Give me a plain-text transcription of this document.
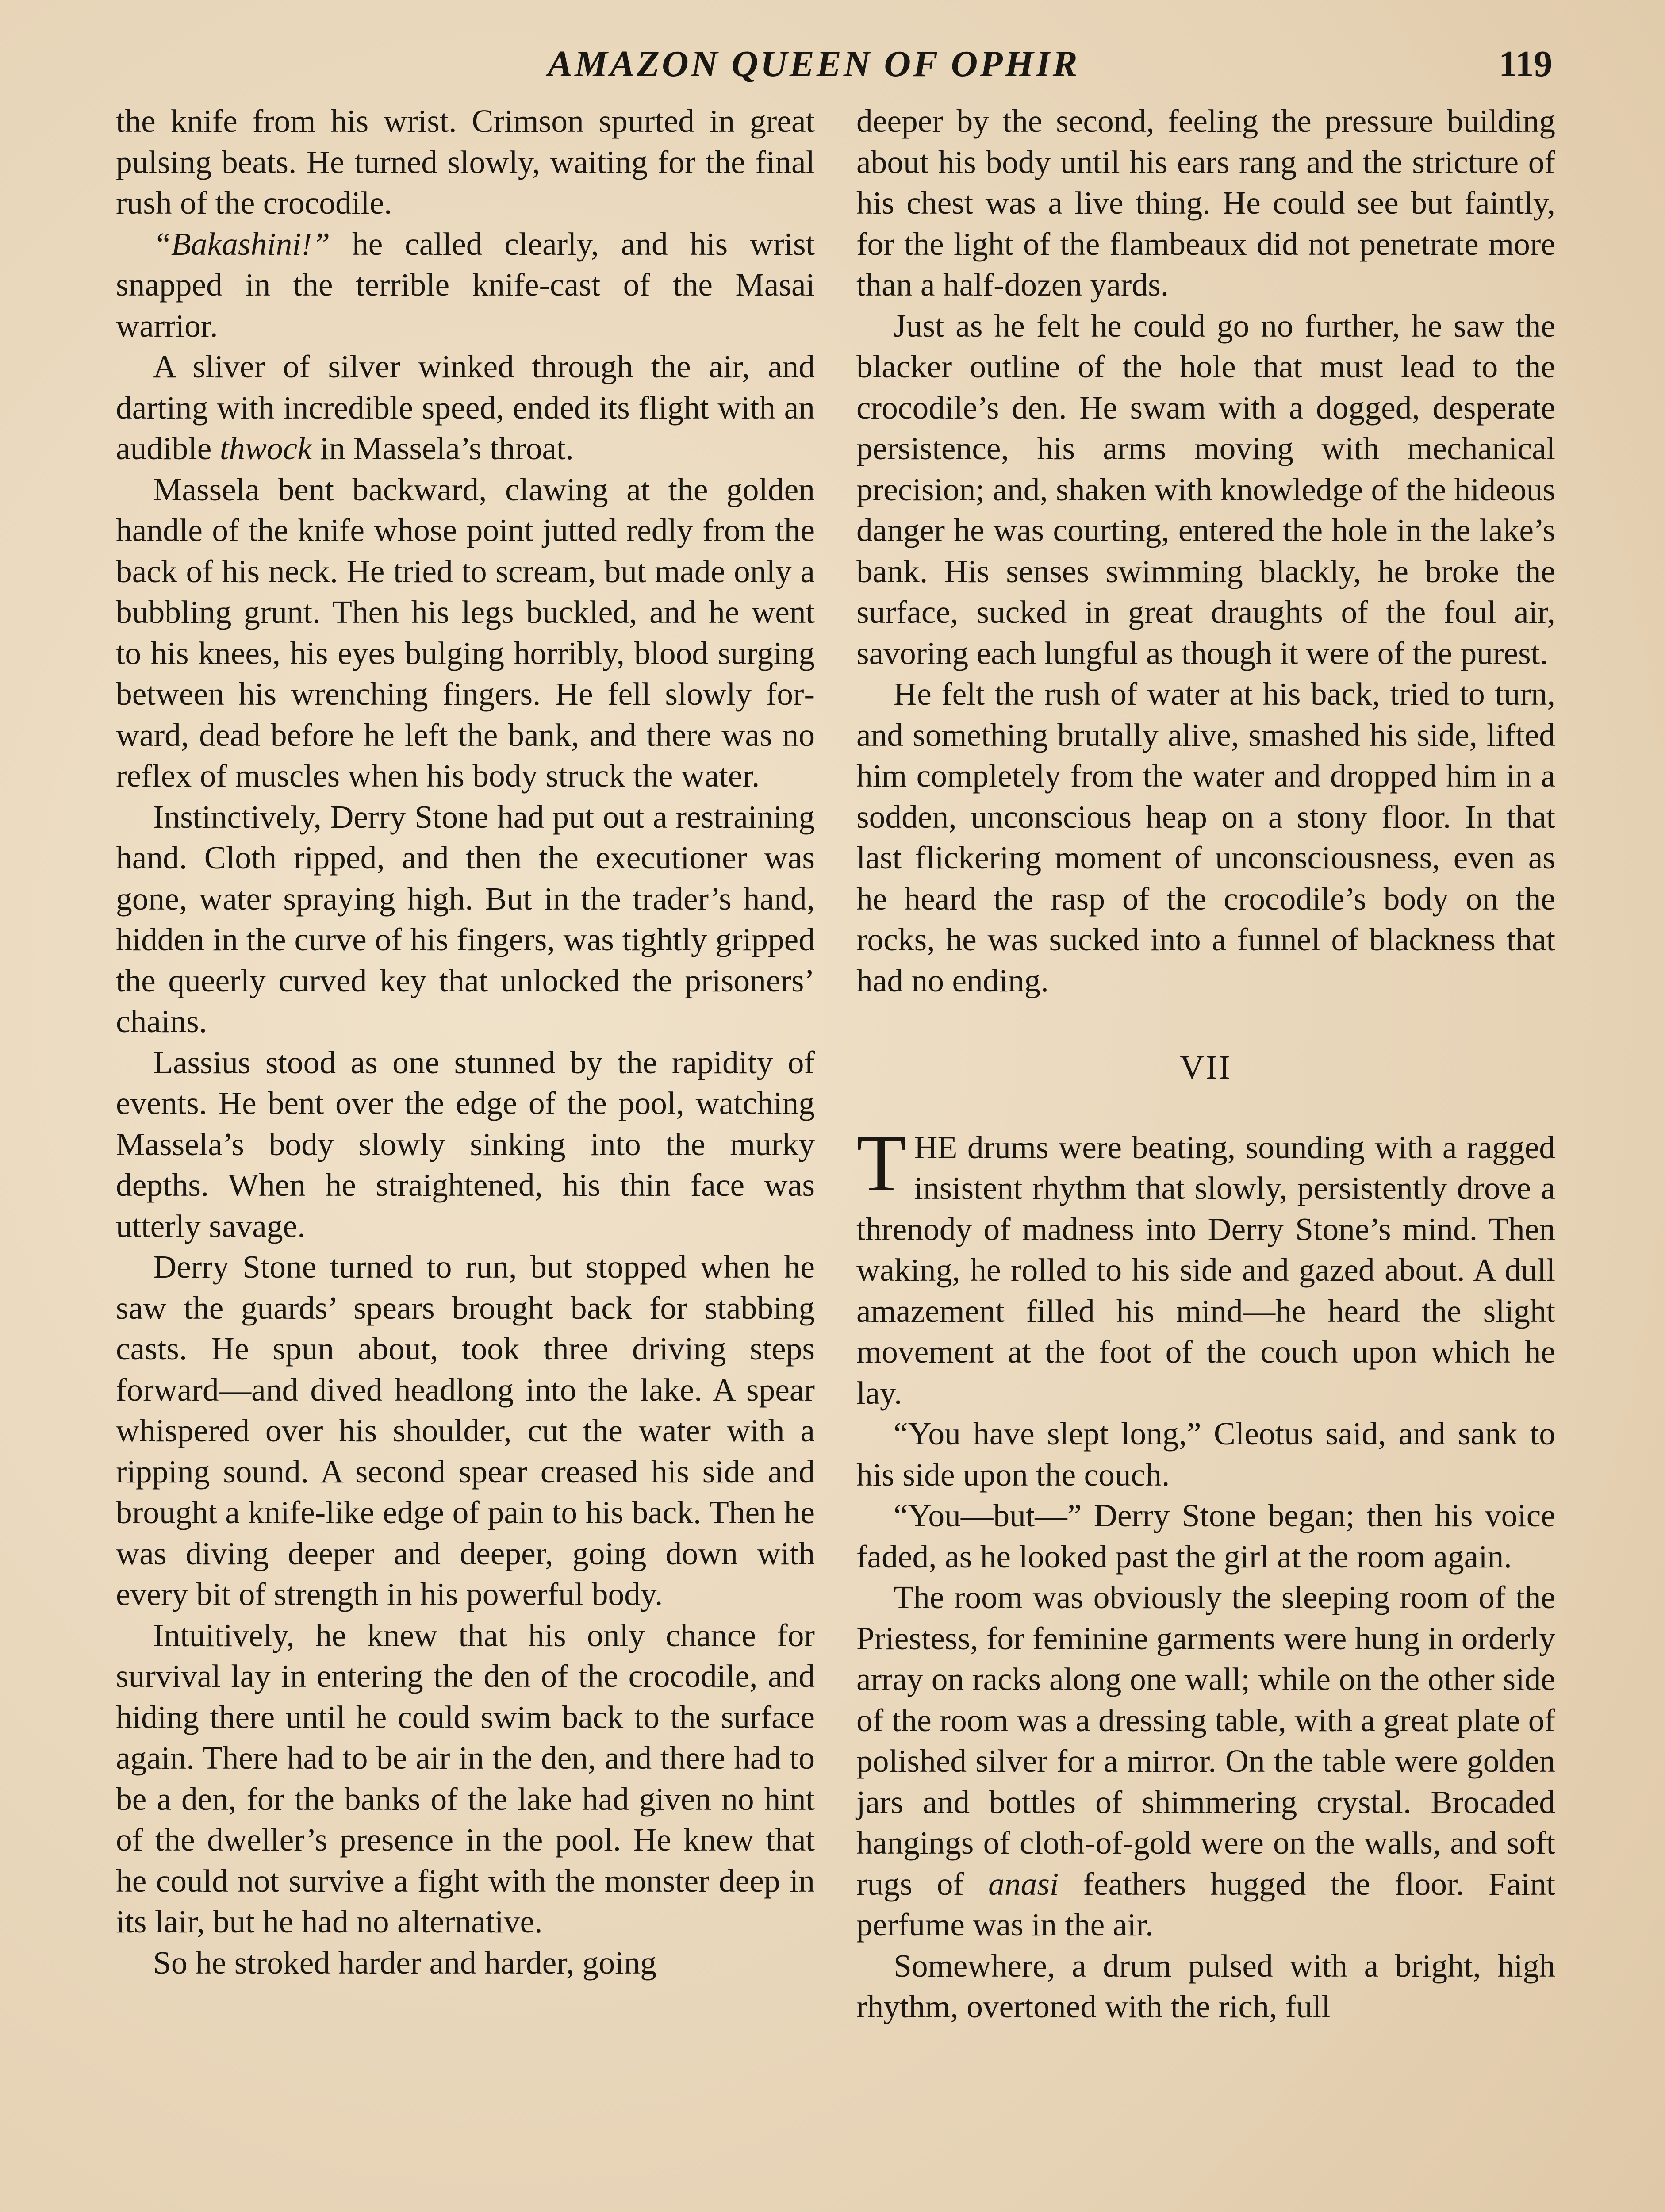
AMAZON QUEEN OF OPHIR	119

the knife from his wrist. Crimson spurted in great pulsing beats. He turned slowly, waiting for the final rush of the crocodile.

“Bakashini!” he called clearly, and his wrist snapped in the terrible knife-cast of the Masai warrior.

A sliver of silver winked through the air, and darting with incredible speed, ended its flight with an audible thwock in Massela’s throat.

Massela bent backward, clawing at the golden handle of the knife whose point jutted redly from the back of his neck. He tried to scream, but made only a bubbling grunt. Then his legs buckled, and he went to his knees, his eyes bulging horribly, blood surging between his wrenching fingers. He fell slowly forward, dead before he left the bank, and there was no reflex of muscles when his body struck the water.

Instinctively, Derry Stone had put out a restraining hand. Cloth ripped, and then the executioner was gone, water spraying high. But in the trader’s hand, hidden in the curve of his fingers, was tightly gripped the queerly curved key that unlocked the prisoners’ chains.

Lassius stood as one stunned by the rapidity of events. He bent over the edge of the pool, watching Massela’s body slowly sinking into the murky depths. When he straightened, his thin face was utterly savage.

Derry Stone turned to run, but stopped when he saw the guards’ spears brought back for stabbing casts. He spun about, took three driving steps forward—and dived headlong into the lake. A spear whispered over his shoulder, cut the water with a ripping sound. A second spear creased his side and brought a knife-like edge of pain to his back. Then he was diving deeper and deeper, going down with every bit of strength in his powerful body.

Intuitively, he knew that his only chance for survival lay in entering the den of the crocodile, and hiding there until he could swim back to the surface again. There had to be air in the den, and there had to be a den, for the banks of the lake had given no hint of the dweller’s presence in the pool. He knew that he could not survive a fight with the monster deep in its lair, but he had no alternative.

So he stroked harder and harder, going

deeper by the second, feeling the pressure building about his body until his ears rang and the stricture of his chest was a live thing. He could see but faintly, for the light of the flambeaux did not penetrate more than a half-dozen yards.

Just as he felt he could go no further, he saw the blacker outline of the hole that must lead to the crocodile’s den. He swam with a dogged, desperate persistence, his arms moving with mechanical precision; and, shaken with knowledge of the hideous danger he was courting, entered the hole in the lake’s bank. His senses swimming blackly, he broke the surface, sucked in great draughts of the foul air, savoring each lungful as though it were of the purest.

He felt the rush of water at his back, tried to turn, and something brutally alive, smashed his side, lifted him completely from the water and dropped him in a sodden, unconscious heap on a stony floor. In that last flickering moment of unconsciousness, even as he heard the rasp of the crocodile’s body on the rocks, he was sucked into a funnel of blackness that had no ending.

VII

THE drums were beating, sounding with a ragged insistent rhythm that slowly, persistently drove a threnody of madness into Derry Stone’s mind. Then waking, he rolled to his side and gazed about. A dull amazement filled his mind—he heard the slight movement at the foot of the couch upon which he lay.

“You have slept long,” Cleotus said, and sank to his side upon the couch.

“You—but—” Derry Stone began; then his voice faded, as he looked past the girl at the room again.

The room was obviously the sleeping room of the Priestess, for feminine garments were hung in orderly array on racks along one wall; while on the other side of the room was a dressing table, with a great plate of polished silver for a mirror. On the table were golden jars and bottles of shimmering crystal. Brocaded hangings of cloth-of-gold were on the walls, and soft rugs of anasi feathers hugged the floor. Faint perfume was in the air.

Somewhere, a drum pulsed with a bright, high rhythm, overtoned with the rich, full
